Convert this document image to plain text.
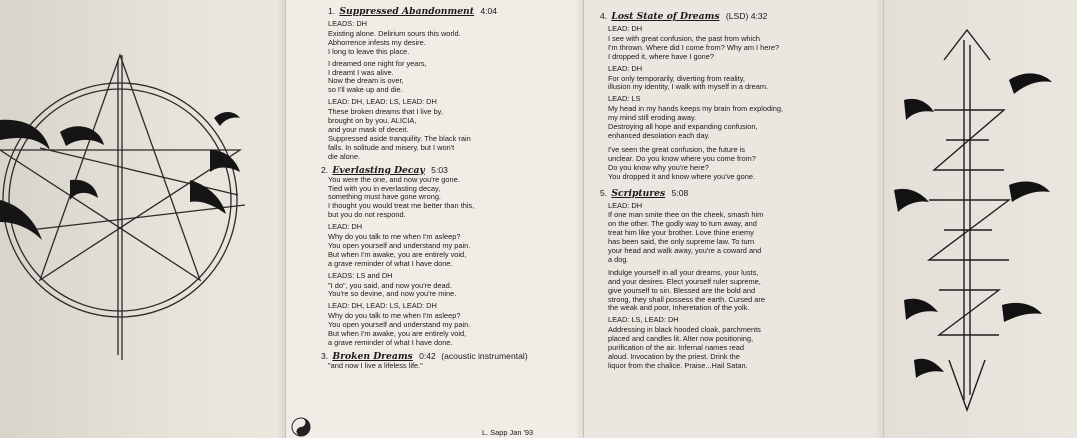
1. Suppressed Abandonment 4:04
LEADS: DH
Existing alone. Delirium sours this world.
Abhorrence infests my desire.
I long to leave this place.
I dreamed one night for years,
I dreamt I was alive.
Now the dream is over,
so I'll wake up and die.
LEAD: DH, LEAD: LS, LEAD: DH
These broken dreams that I live by,
brought on by you, ALICIA,
and your mask of deceit.
Suppressed aside tranquility. The black rain
falls. In solitude and misery, but I won't
die alone.
2. Everlasting Decay 5:03
You were the one, and now you're gone.
Tied with you in everlasting decay,
something must have gone wrong.
I thought you would treat me better than this,
but you do not respond.
LEAD: DH
Why do you talk to me when I'm asleep?
You open yourself and understand my pain.
But when I'm awake, you are entirely void,
a grave reminder of what I have done.
LEADS: LS and DH
"I do", you said, and now you're dead.
You're so devine, and now you're mine.
LEAD: DH, LEAD: LS, LEAD: DH
Why do you talk to me when I'm asleep?
You open yourself and understand my pain.
But when I'm awake, you are entirely void,
a grave reminder of what I have done.
3. Broken Dreams 0:42 (acoustic instrumental)
"and now I live a lifeless life."
L. Sapp Jan '93
4. Lost State of Dreams (LSD) 4:32
LEAD: DH
I see with great confusion, the past from which
I'm thrown. Where did I come from? Why am I here?
I dropped it, where have I gone?
LEAD: DH
For only temporarily, diverting from reality,
illusion my identity, I walk with myself in a dream.
LEAD: LS
My head in my hands keeps my brain from exploding,
my mind still eroding away.
Destroying all hope and expanding confusion,
enhanced desolation each day.
I've seen the great confusion, the future is
unclear. Do you know where you come from?
Do you know why you're here?
You dropped it and know where you've gone.
5. Scriptures 5:08
LEAD: DH
If one man smite thee on the cheek, smash him
on the other. The godly way to turn away, and
treat him like your brother. Love thine enemy
has been said, the only supreme law. To turn
your head and walk away, you're a coward and
a dog.
Indulge yourself in all your dreams, your lusts,
and your desires. Elect yourself ruler supreme,
give yourself to sin. Blessed are the bold and
strong, they shall possess the earth. Cursed are
the weak and poor, Inheretation of the yolk.
LEAD: LS, LEAD: DH
Addressing in black hooded cloak, parchments
placed and candles lit. Alter now positioning,
purification of the air. Infernal names read
aloud. Invocation by the priest. Drink the
liquor from the chalice. Praise...Hail Satan.
